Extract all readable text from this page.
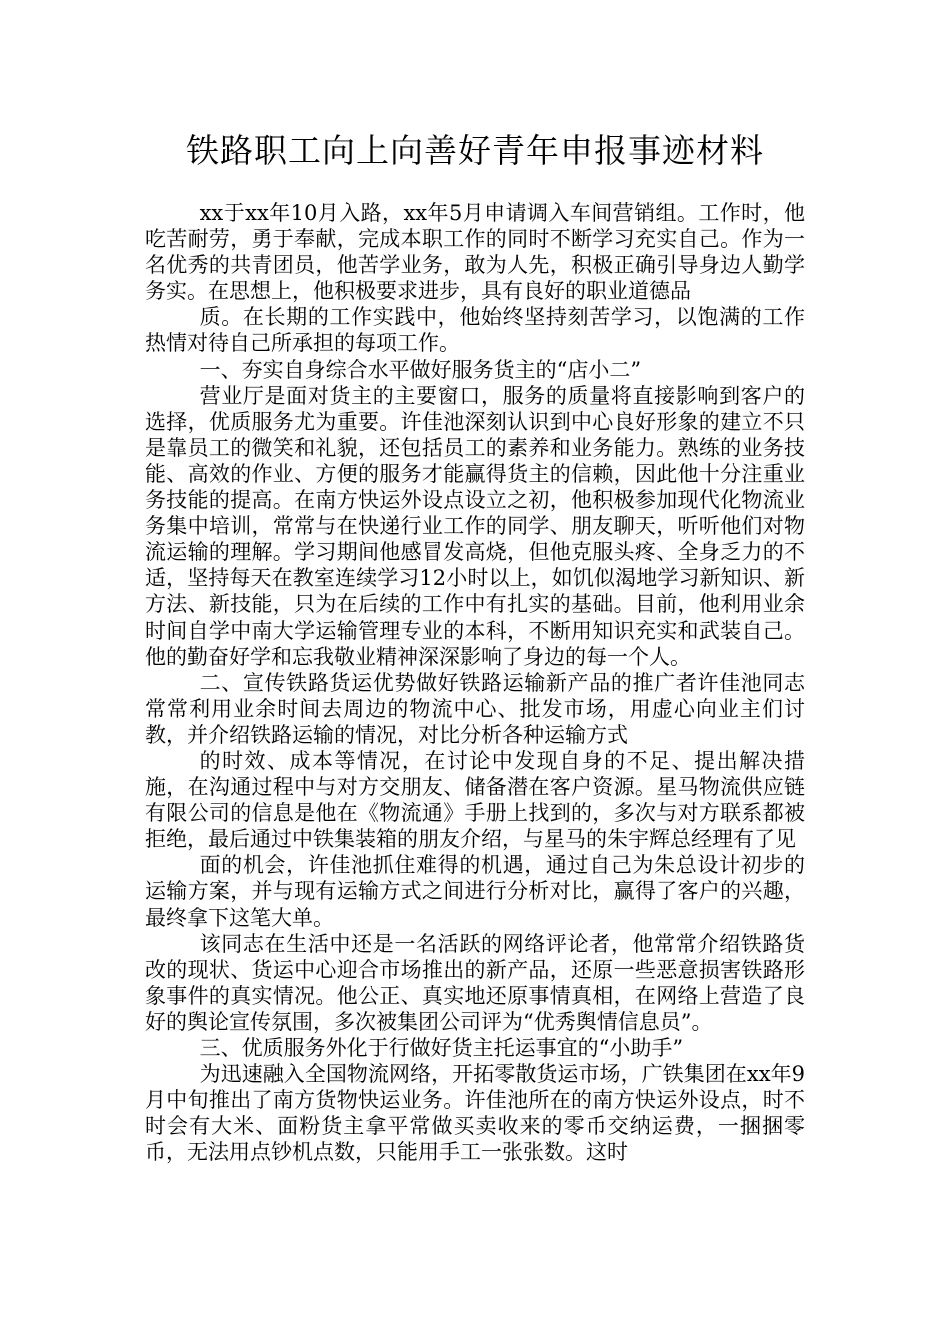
铁路职工向上向善好青年申报事迹材料

xx于xx年10月入路，xx年5月申请调入车间营销组。工作时，他吃苦耐劳，勇于奉献，完成本职工作的同时不断学习充实自己。作为一名优秀的共青团员，他苦学业务，敢为人先，积极正确引导身边人勤学务实。在思想上，他积极要求进步，具有良好的职业道德品

质。在长期的工作实践中，他始终坚持刻苦学习，以饱满的工作热情对待自己所承担的每项工作。

一、夯实自身综合水平做好服务货主的“店小二”

营业厅是面对货主的主要窗口，服务的质量将直接影响到客户的选择，优质服务尤为重要。许佳池深刻认识到中心良好形象的建立不只是靠员工的微笑和礼貌，还包括员工的素养和业务能力。熟练的业务技能、高效的作业、方便的服务才能赢得货主的信赖，因此他十分注重业务技能的提高。在南方快运外设点设立之初，他积极参加现代化物流业务集中培训，常常与在快递行业工作的同学、朋友聊天，听听他们对物流运输的理解。学习期间他感冒发高烧，但他克服头疼、全身乏力的不适，坚持每天在教室连续学习12小时以上，如饥似渴地学习新知识、新方法、新技能，只为在后续的工作中有扎实的基础。目前，他利用业余时间自学中南大学运输管理专业的本科，不断用知识充实和武装自己。他的勤奋好学和忘我敬业精神深深影响了身边的每一个人。

二、宣传铁路货运优势做好铁路运输新产品的推广者许佳池同志常常利用业余时间去周边的物流中心、批发市场，用虚心向业主们讨教，并介绍铁路运输的情况，对比分析各种运输方式

的时效、成本等情况，在讨论中发现自身的不足、提出解决措施，在沟通过程中与对方交朋友、储备潜在客户资源。星马物流供应链有限公司的信息是他在《物流通》手册上找到的，多次与对方联系都被拒绝，最后通过中铁集装箱的朋友介绍，与星马的朱宇辉总经理有了见

面的机会，许佳池抓住难得的机遇，通过自己为朱总设计初步的运输方案，并与现有运输方式之间进行分析对比，赢得了客户的兴趣，最终拿下这笔大单。

该同志在生活中还是一名活跃的网络评论者，他常常介绍铁路货改的现状、货运中心迎合市场推出的新产品，还原一些恶意损害铁路形象事件的真实情况。他公正、真实地还原事情真相，在网络上营造了良好的舆论宣传氛围，多次被集团公司评为“优秀舆情信息员”。

三、优质服务外化于行做好货主托运事宜的“小助手”

为迅速融入全国物流网络，开拓零散货运市场，广铁集团在xx年9月中旬推出了南方货物快运业务。许佳池所在的南方快运外设点，时不时会有大米、面粉货主拿平常做买卖收来的零币交纳运费，一捆捆零币，无法用点钞机点数，只能用手工一张张数。这时
